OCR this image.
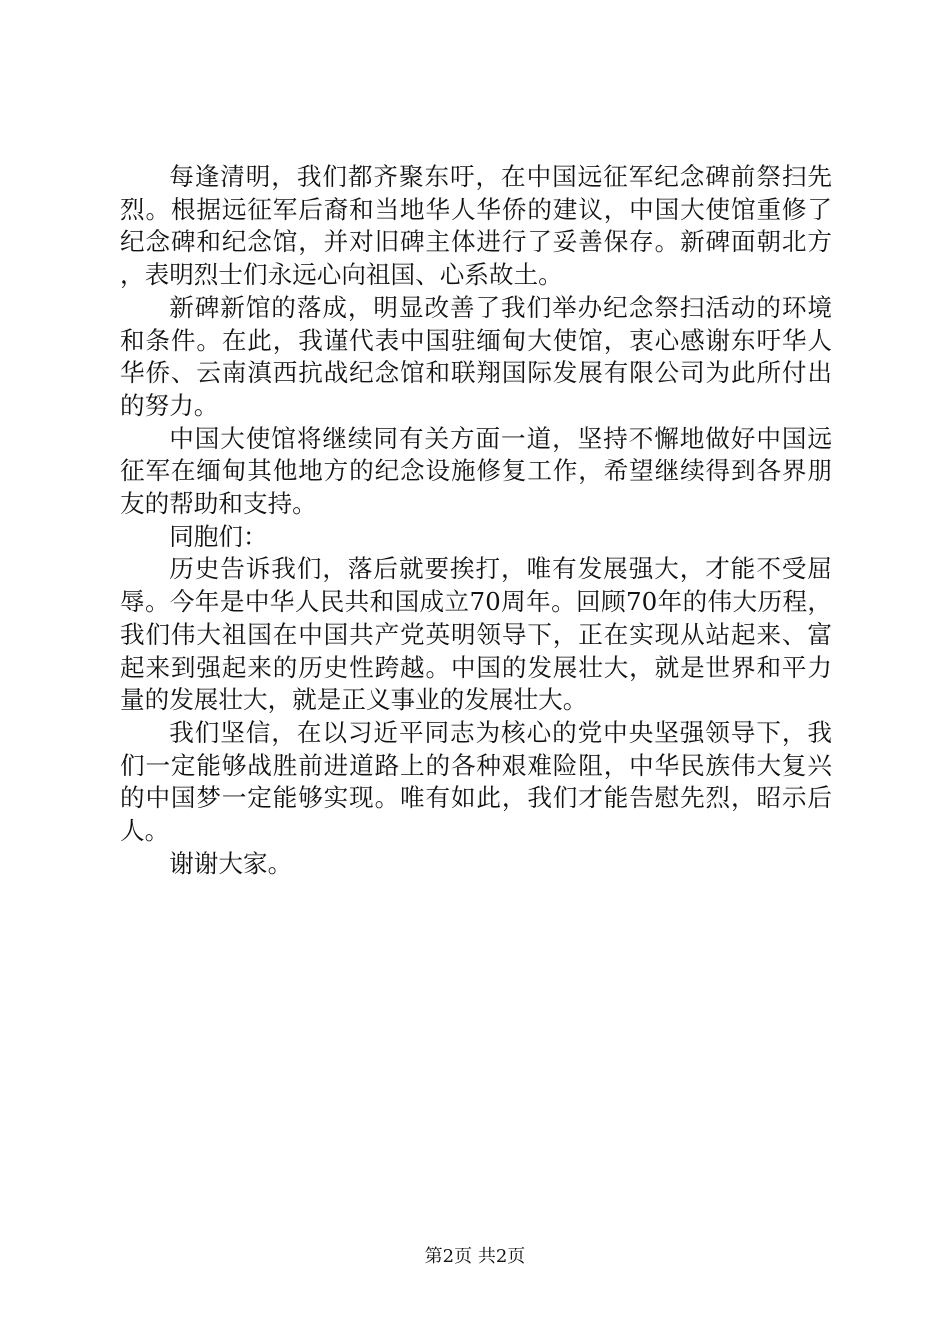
每逢清明，我们都齐聚东吁，在中国远征军纪念碑前祭扫先烈。根据远征军后裔和当地华人华侨的建议，中国大使馆重修了纪念碑和纪念馆，并对旧碑主体进行了妥善保存。新碑面朝北方，表明烈士们永远心向祖国、心系故土。

新碑新馆的落成，明显改善了我们举办纪念祭扫活动的环境和条件。在此，我谨代表中国驻缅甸大使馆，衷心感谢东吁华人华侨、云南滇西抗战纪念馆和联翔国际发展有限公司为此所付出的努力。

中国大使馆将继续同有关方面一道，坚持不懈地做好中国远征军在缅甸其他地方的纪念设施修复工作，希望继续得到各界朋友的帮助和支持。

同胞们：

历史告诉我们，落后就要挨打，唯有发展强大，才能不受屈辱。今年是中华人民共和国成立70周年。回顾70年的伟大历程，我们伟大祖国在中国共产党英明领导下，正在实现从站起来、富起来到强起来的历史性跨越。中国的发展壮大，就是世界和平力量的发展壮大，就是正义事业的发展壮大。

我们坚信，在以习近平同志为核心的党中央坚强领导下，我们一定能够战胜前进道路上的各种艰难险阻，中华民族伟大复兴的中国梦一定能够实现。唯有如此，我们才能告慰先烈，昭示后人。

谢谢大家。

第2页 共2页
